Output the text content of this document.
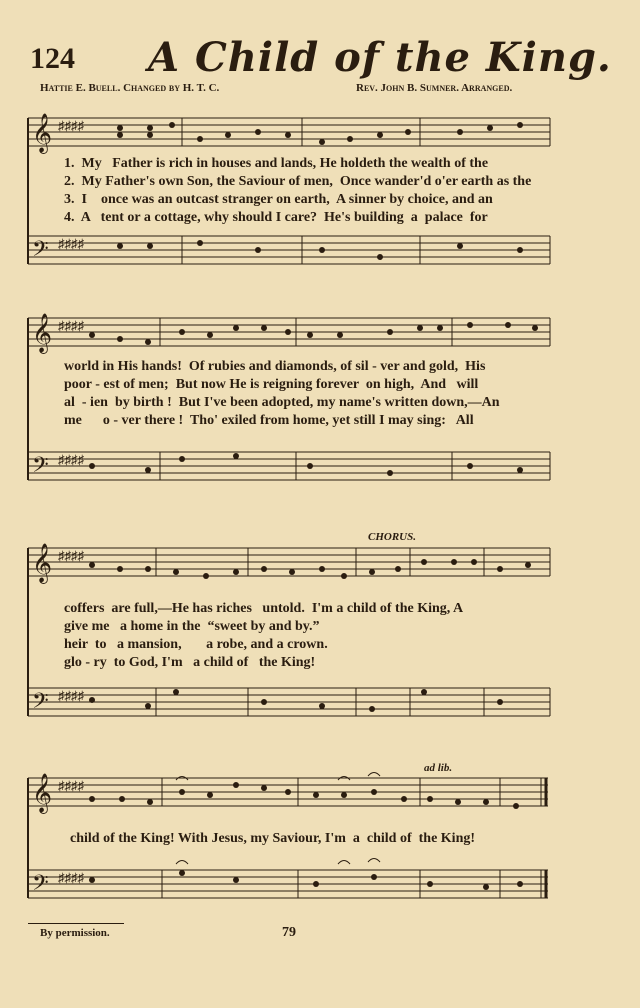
124 A Child of the King.
Hattie E. Buell. Changed by H. T. C.	Rev. John B. Sumner. Arranged.
𝄞
𝄢
♯♯♯♯
♯♯♯♯
1.  My   Father is rich in houses and lands, He holdeth the wealth of the
2.  My Father's own Son, the Saviour of men,  Once wander'd o'er earth as the
3.  I    once was an outcast stranger on earth,  A sinner by choice, and an
4.  A   tent or a cottage, why should I care?  He's building  a  palace  for
𝄞
𝄢
♯♯♯♯
♯♯♯♯
world in His hands!  Of rubies and diamonds, of sil - ver and gold,  His
poor - est of men;  But now He is reigning forever  on high,  And   will
al  - ien  by birth !  But I've been adopted, my name's written down,—An
me      o - ver there !  Tho' exiled from home, yet still I may sing:   All
CHORUS.
𝄞
𝄢
♯♯♯♯
♯♯♯♯
coffers  are full,—He has riches   untold.  I'm a child of the King, A
give me   a home in the  “sweet by and by.”
heir  to   a mansion,       a robe, and a crown.
glo - ry  to God, I'm   a child of   the King!
ad lib.
𝄞
𝄢
♯♯♯♯
♯♯♯♯
child of the King! With Jesus, my Saviour, I'm  a  child of  the King!
By permission.	79
